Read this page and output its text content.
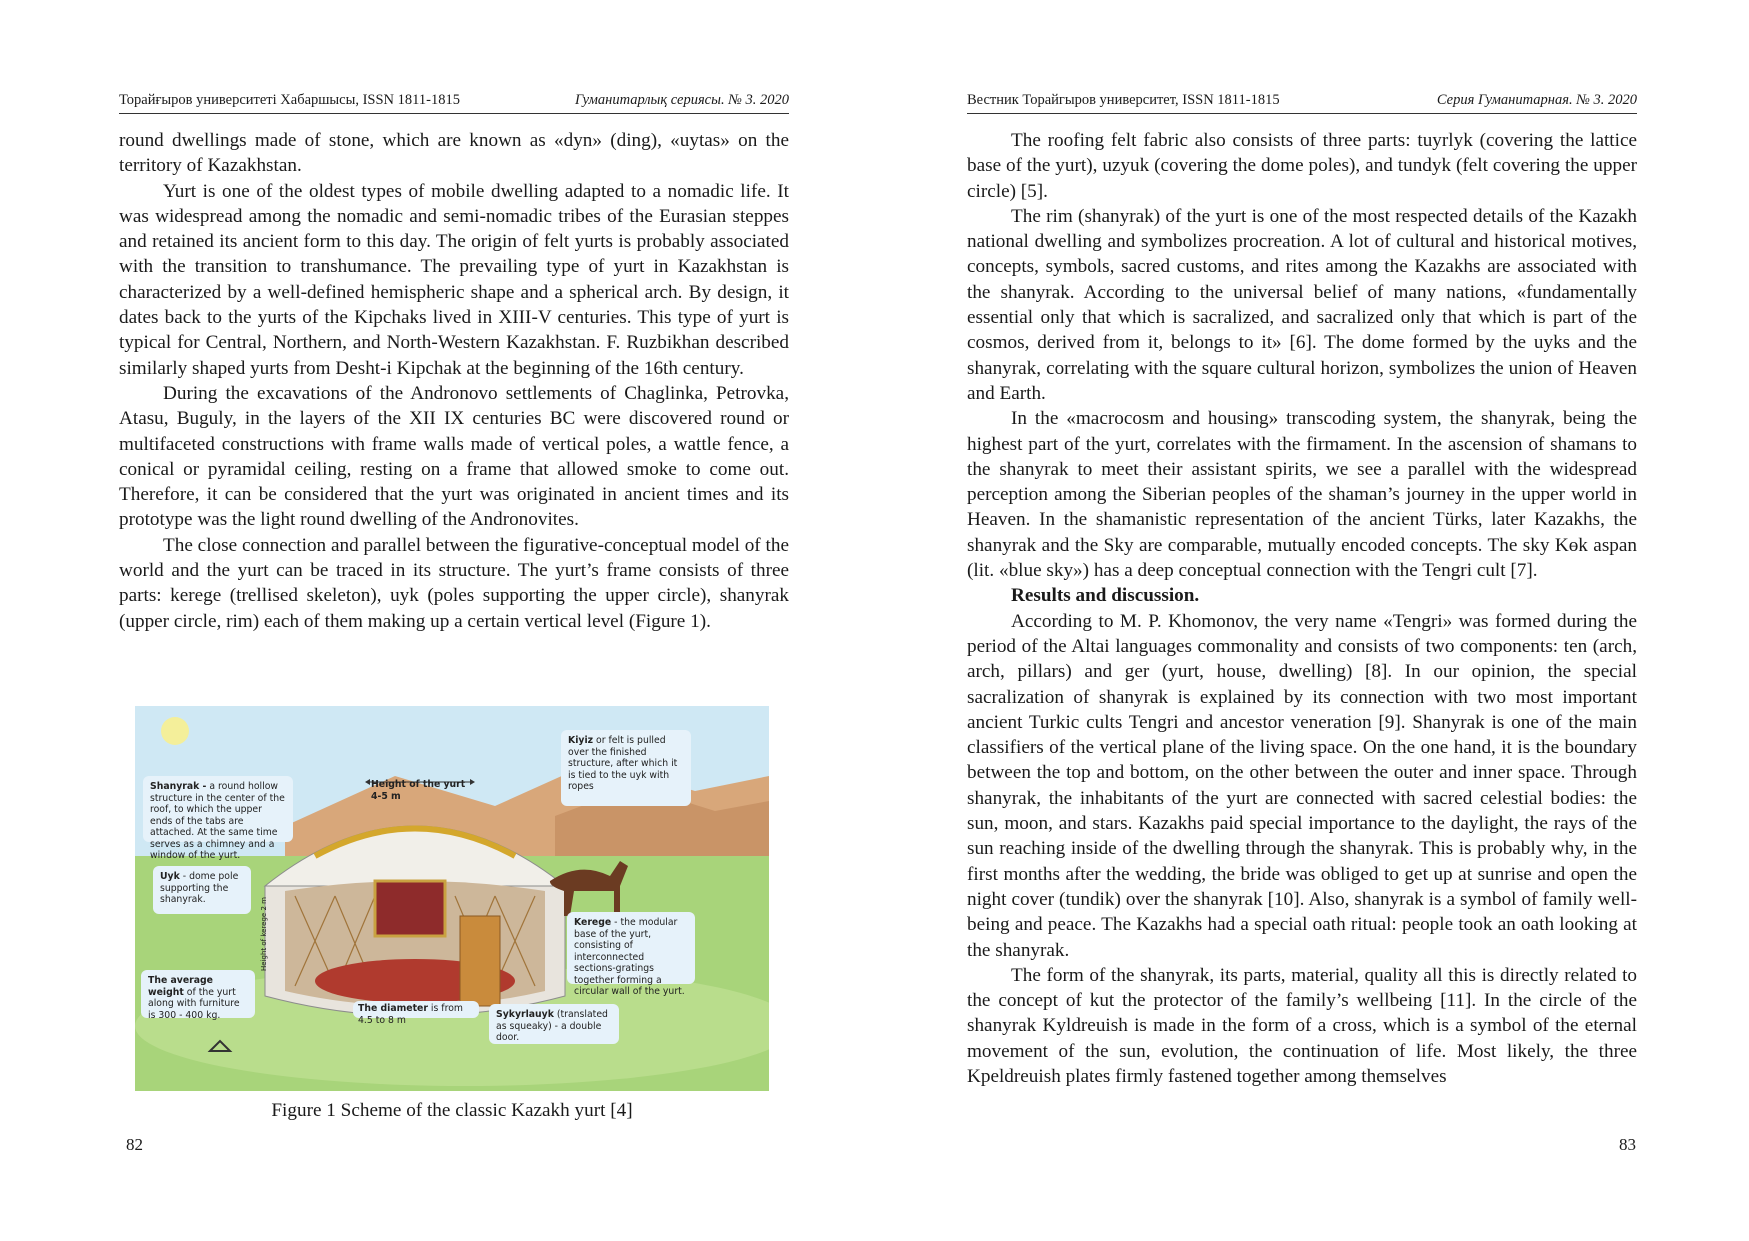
Торайғыров университеті Хабаршысы, ISSN 1811-1815	Гуманитарлық сериясы. № 3. 2020

round dwellings made of stone, which are known as «dyn» (ding), «uytas» on the territory of Kazakhstan.

Yurt is one of the oldest types of mobile dwelling adapted to a nomadic life. It was widespread among the nomadic and semi-nomadic tribes of the Eurasian steppes and retained its ancient form to this day. The origin of felt yurts is probably associated with the transition to transhumance. The prevailing type of yurt in Kazakhstan is characterized by a well-defined hemispheric shape and a spherical arch. By design, it dates back to the yurts of the Kipchaks lived in XIII-V centuries. This type of yurt is typical for Central, Northern, and North-Western Kazakhstan. F. Ruzbikhan described similarly shaped yurts from Desht-i Kipchak at the beginning of the 16th century.

During the excavations of the Andronovo settlements of Chaglinka, Petrovka, Atasu, Buguly, in the layers of the XII IX centuries BC were discovered round or multifaceted constructions with frame walls made of vertical poles, a wattle fence, a conical or pyramidal ceiling, resting on a frame that allowed smoke to come out. Therefore, it can be considered that the yurt was originated in ancient times and its prototype was the light round dwelling of the Andronovites.

The close connection and parallel between the figurative-conceptual model of the world and the yurt can be traced in its structure. The yurt’s frame consists of three parts: kerege (trellised skeleton), uyk (poles supporting the upper circle), shanyrak (upper circle, rim) each of them making up a certain vertical level (Figure 1).

Shanyrak - a round hollow structure in the center of the roof, to which the upper ends of the tabs are attached. At the same time serves as a chimney and a window of the yurt.
Height of the yurt 4-5 m
Kiyiz or felt is pulled over the finished structure, after which it is tied to the uyk with ropes
Uyk - dome pole supporting the shanyrak.	Height of kerege 2 m	Kerege - the modular base of the yurt, consisting of interconnected sections-gratings together forming a circular wall of the yurt.
The average weight of the yurt along with furniture is 300 - 400 kg.
The diameter is from 4.5 to 8 m	Sykyrlauyk (translated as squeaky) - a double door.
Figure 1 Scheme of the classic Kazakh yurt [4]
82
Вестник Торайгыров университет, ISSN 1811-1815	Серия Гуманитарная. № 3. 2020

The roofing felt fabric also consists of three parts: tuyrlyk (covering the lattice base of the yurt), uzyuk (covering the dome poles), and tundyk (felt covering the upper circle) [5].

The rim (shanyrak) of the yurt is one of the most respected details of the Kazakh national dwelling and symbolizes procreation. A lot of cultural and historical motives, concepts, symbols, sacred customs, and rites among the Kazakhs are associated with the shanyrak. According to the universal belief of many nations, «fundamentally essential only that which is sacralized, and sacralized only that which is part of the cosmos, derived from it, belongs to it» [6]. The dome formed by the uyks and the shanyrak, correlating with the square cultural horizon, symbolizes the union of Heaven and Earth.

In the «macrocosm and housing» transcoding system, the shanyrak, being the highest part of the yurt, correlates with the firmament. In the ascension of shamans to the shanyrak to meet their assistant spirits, we see a parallel with the widespread perception among the Siberian peoples of the shaman’s journey in the upper world in Heaven. In the shamanistic representation of the ancient Türks, later Kazakhs, the shanyrak and the Sky are comparable, mutually encoded concepts. The sky Kөk aspan (lit. «blue sky») has a deep conceptual connection with the Tengri cult [7].

Results and discussion.

According to M. P. Khomonov, the very name «Tengri» was formed during the period of the Altai languages commonality and consists of two components: ten (arch, arch, pillars) and ger (yurt, house, dwelling) [8]. In our opinion, the special sacralization of shanyrak is explained by its connection with two most important ancient Turkic cults Tengri and ancestor veneration [9]. Shanyrak is one of the main classifiers of the vertical plane of the living space. On the one hand, it is the boundary between the top and bottom, on the other between the outer and inner space. Through shanyrak, the inhabitants of the yurt are connected with sacred celestial bodies: the sun, moon, and stars. Kazakhs paid special importance to the daylight, the rays of the sun reaching inside of the dwelling through the shanyrak. This is probably why, in the first months after the wedding, the bride was obliged to get up at sunrise and open the night cover (tundik) over the shanyrak [10]. Also, shanyrak is a symbol of family well-being and peace. The Kazakhs had a special oath ritual: people took an oath looking at the shanyrak.

The form of the shanyrak, its parts, material, quality all this is directly related to the concept of kut the protector of the family’s wellbeing [11]. In the circle of the shanyrak Kyldreuish is made in the form of a cross, which is a symbol of the eternal movement of the sun, evolution, the continuation of life. Most likely, the three Kpeldreuish plates firmly fastened together among themselves

83
